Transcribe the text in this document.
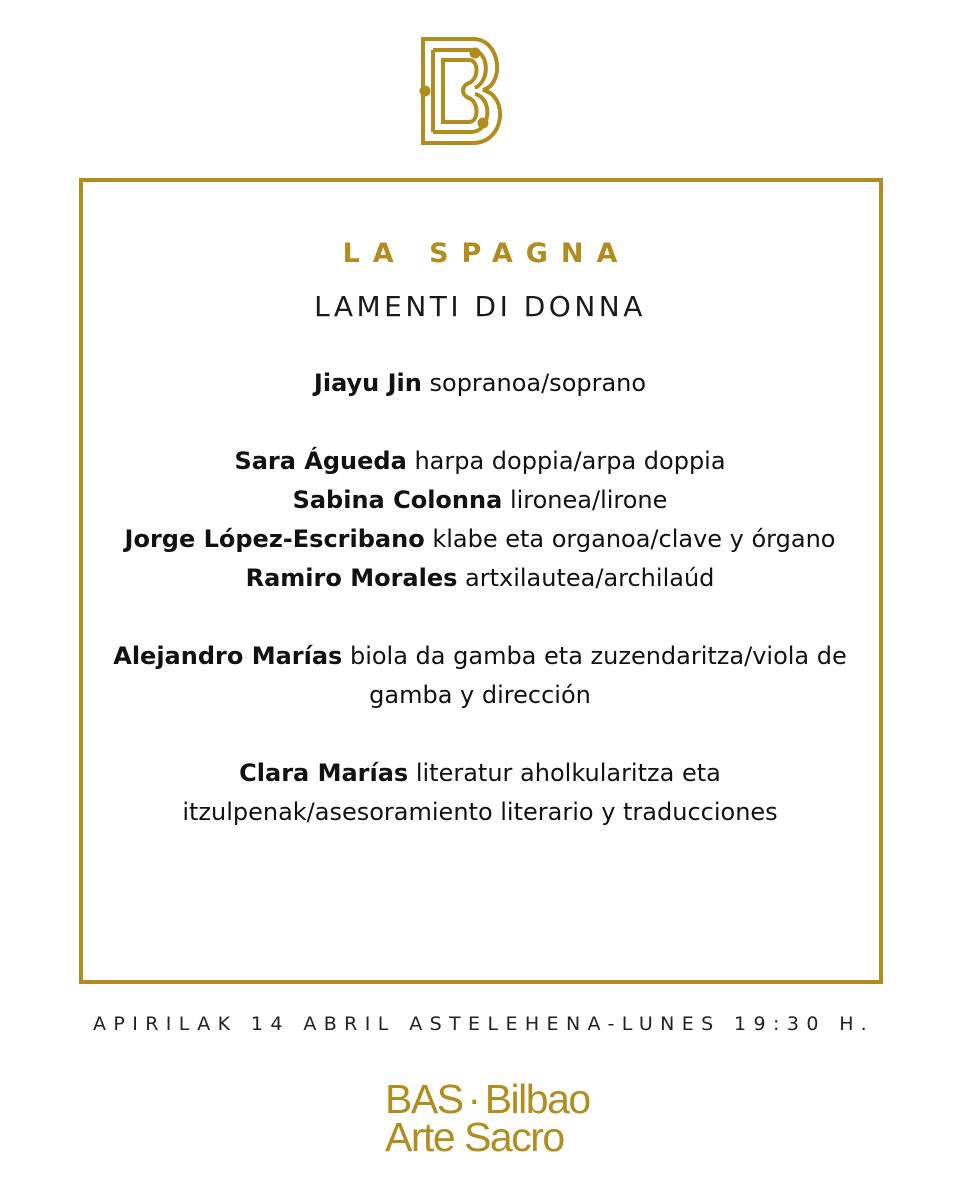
LA SPAGNA
LAMENTI DI DONNA

Jiayu Jin sopranoa/soprano

Sara Águeda harpa doppia/arpa doppia

Sabina Colonna lironea/lirone

Jorge López-Escribano klabe eta organoa/clave y órgano

Ramiro Morales artxilautea/archilaúd

Alejandro Marías biola da gamba eta zuzendaritza/viola de gamba y dirección

Clara Marías literatur aholkularitza eta itzulpenak/asesoramiento literario y traducciones

APIRILAK 14 ABRIL ASTELEHENA-LUNES 19:30 H.
BAS · Bilbao
Arte Sacro
